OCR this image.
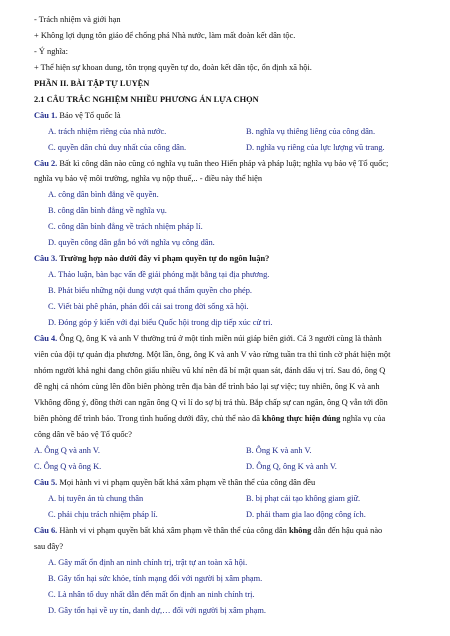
- Trách nhiệm và giới hạn
+ Không lợi dụng tôn giáo để chống phá Nhà nước, làm mất đoàn kết dân tộc.
- Ý nghĩa:
+ Thể hiện sự khoan dung, tôn trọng quyền tự do, đoàn kết dân tộc, ổn định xã hội.
PHẦN II. BÀI TẬP TỰ LUYỆN
2.1 CÂU TRẮC NGHIỆM NHIỀU PHƯƠNG ÁN LỰA CHỌN
Câu 1. Bảo vệ Tổ quốc là
A. trách nhiệm riêng của nhà nước.	B. nghĩa vụ thiêng liêng của công dân.
C. quyền dân chủ duy nhất của công dân.	D. nghĩa vụ riêng của lực lượng vũ trang.
Câu 2. Bất kì công dân nào cũng có nghĩa vụ tuân theo Hiến pháp và pháp luật; nghĩa vụ bảo vệ Tổ quốc;
nghĩa vụ bảo vệ môi trường, nghĩa vụ nộp thuế,.. - điều này thể hiện
A. công dân bình đẳng về quyền.
B. công dân bình đẳng về nghĩa vụ.
C. công dân bình đẳng về trách nhiệm pháp lí.
D. quyền công dân gắn bó với nghĩa vụ công dân.
Câu 3. Trường hợp nào dưới đây vi phạm quyền tự do ngôn luận?
A. Thảo luận, bàn bạc vấn đề giải phóng mặt bằng tại địa phương.
B. Phát biểu những nội dung vượt quá thẩm quyền cho phép.
C. Viết bài phê phán, phản đối cái sai trong đời sống xã hội.
D. Đóng góp ý kiến với đại biểu Quốc hội trong dịp tiếp xúc cử tri.
Câu 4. Ông Q, ông K và anh V thường trú ở một tỉnh miền núi giáp biên giới. Cả 3 người cùng là thành
viên của đội tự quản địa phương. Một lần, ông, ông K và anh V vào rừng tuần tra thì tình cờ phát hiện một
nhóm người khả nghi đang chôn giấu nhiều vũ khí nên đã bí mật quan sát, đánh dấu vị trí. Sau đó, ông Q
đề nghị cả nhóm cùng lên đồn biên phòng trên địa bàn để trình báo lại sự việc; tuy nhiên, ông K và anh
Vkhông đồng ý, đồng thời can ngăn ông Q vì lí do sợ bị trả thù. Bắp chấp sự can ngăn, ông Q vẫn tới đồn
biên phòng để trình báo. Trong tình huống dưới đây, chủ thể nào đã không thực hiện đúng nghĩa vụ của
công dân về bảo vệ Tổ quốc?
A. Ông Q và anh V.	B. Ông K và anh V.
C. Ông Q và ông K.	D. Ông Q, ông K và anh V.
Câu 5. Mọi hành vi vi phạm quyền bất khả xâm phạm về thân thể của công dân đều
A. bị tuyên án tù chung thân	B. bị phạt cải tạo không giam giữ.
C. phải chịu trách nhiệm pháp lí.	D. phải tham gia lao động công ích.
Câu 6. Hành vi vi phạm quyền bất khả xâm phạm về thân thể của công dân không dẫn đến hậu quả nào
sau đây?
A. Gây mất ổn định an ninh chính trị, trật tự an toàn xã hội.
B. Gây tổn hại sức khỏe, tính mạng đối với người bị xâm phạm.
C. Là nhân tố duy nhất dẫn đến mất ổn định an ninh chính trị.
D. Gây tổn hại về uy tín, danh dự,… đối với người bị xâm phạm.
